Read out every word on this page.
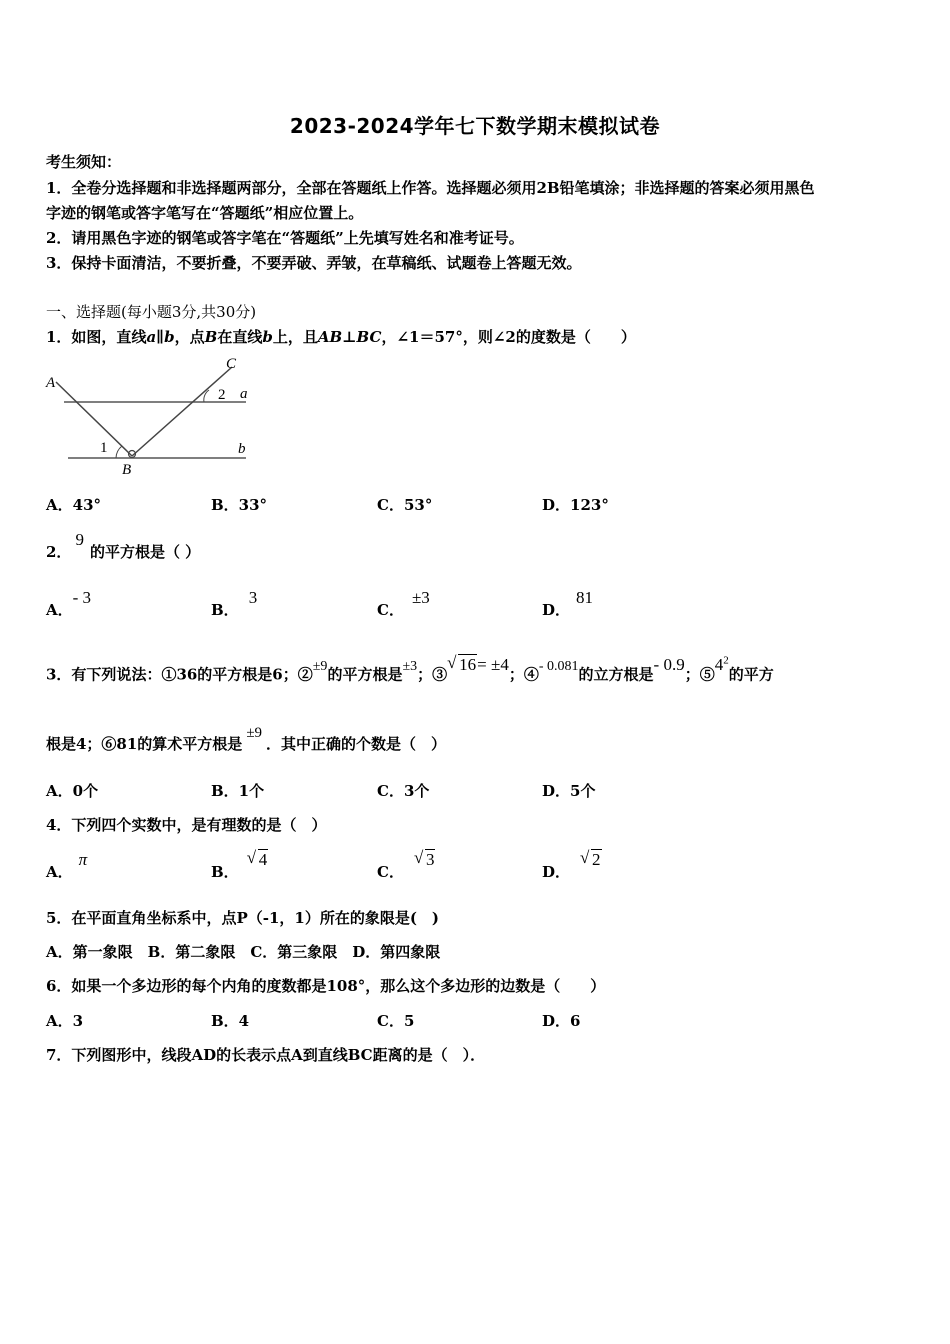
2023-2024学年七下数学期末模拟试卷
考生须知：
1．全卷分选择题和非选择题两部分，全部在答题纸上作答。选择题必须用2B铅笔填涂；非选择题的答案必须用黑色
字迹的钢笔或答字笔写在“答题纸”相应位置上。
2．请用黑色字迹的钢笔或答字笔在“答题纸”上先填写姓名和准考证号。
3．保持卡面清洁，不要折叠，不要弄破、弄皱，在草稿纸、试题卷上答题无效。
一、选择题(每小题3分,共30分)
1．如图，直线a∥b，点B在直线b上，且AB⊥BC，∠1＝57°，则∠2的度数是（　　）
A
C
a
b
B
1
2
A．43°	B．33°	C．53°	D．123°
2．9的平方根是（ ）
A．- 3
B．3
C．±3
D．81
3．有下列说法：①36的平方根是6；②±9的平方根是±3；③
√ 16= ±4；④- 0.081的立方根是- 0.9；$⑤4^2$的平方
根是4；⑥81的算术平方根是±9．其中正确的个数是（　）
A．0个	B．1个	C．3个	D．5个
4．下列四个实数中，是有理数的是（　）
A．π
B．
√ 4
C．
√ 3
D．
√ 2
5．在平面直角坐标系中，点P（-1，1）所在的象限是(　)
A．第一象限　B．第二象限　C．第三象限　D．第四象限
6．如果一个多边形的每个内角的度数都是108°，那么这个多边形的边数是（　　）
A．3	B．4	C．5	D．6
7．下列图形中，线段AD的长表示点A到直线BC距离的是（　）．
